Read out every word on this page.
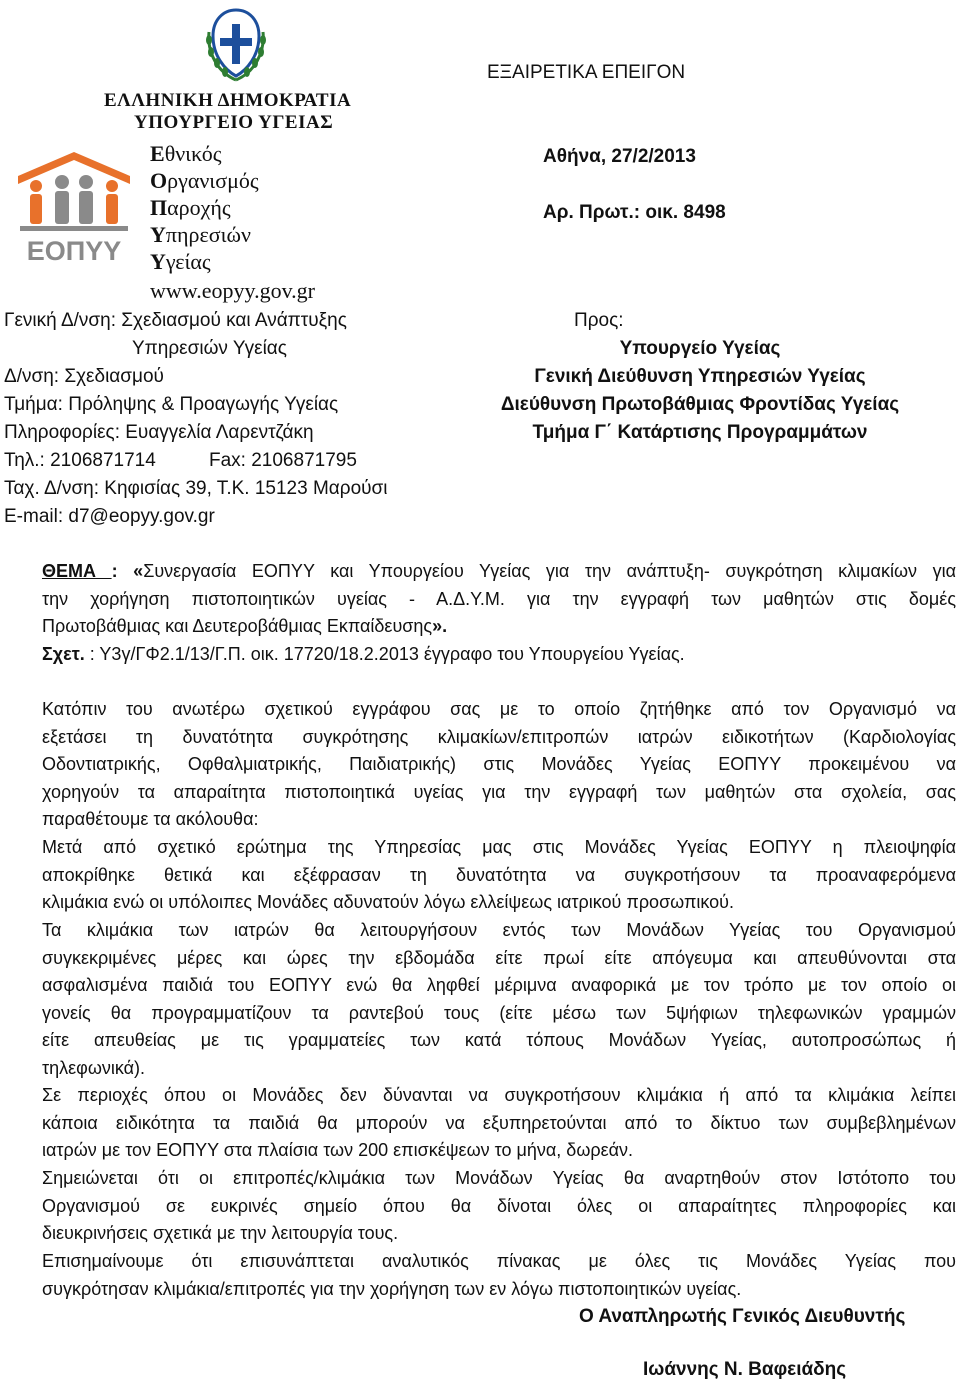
ΕΛΛΗΝΙΚΗ ΔΗΜΟΚΡΑΤΙΑ
ΥΠΟΥΡΓΕΙΟ ΥΓΕΙΑΣ
ΕΟΠΥΥ
Εθνικός
Οργανισμός
Παροχής
Υπηρεσιών
Υγείας
www.eopyy.gov.gr
Γενική Δ/νση: Σχεδιασμού και Ανάπτυξης
Υπηρεσιών Υγείας
Δ/νση: Σχεδιασμού
Τμήμα: Πρόληψης & Προαγωγής Υγείας
Πληροφορίες: Ευαγγελία Λαρεντζάκη
Τηλ.: 2106871714	Fax: 2106871795
Ταχ. Δ/νση: Κηφισίας 39, Τ.Κ. 15123 Μαρούσι
E-mail: d7@eopyy.gov.gr
ΕΞΑΙΡΕΤΙΚΑ ΕΠΕΙΓΟΝ
Αθήνα, 27/2/2013
Αρ. Πρωτ.: οικ. 8498
Προς:
Υπουργείο Υγείας
Γενική Διεύθυνση Υπηρεσιών Υγείας
Διεύθυνση Πρωτοβάθμιας Φροντίδας Υγείας
Τμήμα Γ΄ Κατάρτισης Προγραμμάτων
ΘΕΜΑ : «Συνεργασία ΕΟΠΥΥ και Υπουργείου Υγείας για την ανάπτυξη- συγκρότηση κλιμακίων για
την χορήγηση πιστοποιητικών υγείας - Α.Δ.Υ.Μ. για την εγγραφή των μαθητών στις δομές
Πρωτοβάθμιας και Δευτεροβάθμιας Εκπαίδευσης».
Σχετ. : Υ3γ/ΓΦ2.1/13/Γ.Π. οικ. 17720/18.2.2013 έγγραφο του Υπουργείου Υγείας.
Κατόπιν του ανωτέρω σχετικού εγγράφου σας με το οποίο ζητήθηκε από τον Οργανισμό να
εξετάσει τη δυνατότητα συγκρότησης κλιμακίων/επιτροπών ιατρών ειδικοτήτων (Καρδιολογίας
Οδοντιατρικής, Οφθαλμιατρικής, Παιδιατρικής) στις Μονάδες Υγείας ΕΟΠΥΥ προκειμένου να
χορηγούν τα απαραίτητα πιστοποιητικά υγείας για την εγγραφή των μαθητών στα σχολεία, σας
παραθέτουμε τα ακόλουθα:
Μετά από σχετικό ερώτημα της Υπηρεσίας μας στις Μονάδες Υγείας ΕΟΠΥΥ η πλειοψηφία
αποκρίθηκε θετικά και εξέφρασαν τη δυνατότητα να συγκροτήσουν τα προαναφερόμενα
κλιμάκια ενώ οι υπόλοιπες Μονάδες αδυνατούν λόγω ελλείψεως ιατρικού προσωπικού.
Τα κλιμάκια των ιατρών θα λειτουργήσουν εντός των Μονάδων Υγείας του Οργανισμού
συγκεκριμένες μέρες και ώρες την εβδομάδα είτε πρωί είτε απόγευμα και απευθύνονται στα
ασφαλισμένα παιδιά του ΕΟΠΥΥ ενώ θα ληφθεί μέριμνα αναφορικά με τον τρόπο με τον οποίο οι
γονείς θα προγραμματίζουν τα ραντεβού τους (είτε μέσω των 5ψήφιων τηλεφωνικών γραμμών
είτε απευθείας με τις γραμματείες των κατά τόπους Μονάδων Υγείας, αυτοπροσώπως ή
τηλεφωνικά).
Σε περιοχές όπου οι Μονάδες δεν δύνανται να συγκροτήσουν κλιμάκια ή από τα κλιμάκια λείπει
κάποια ειδικότητα τα παιδιά θα μπορούν να εξυπηρετούνται από το δίκτυο των συμβεβλημένων
ιατρών με τον ΕΟΠΥΥ στα πλαίσια των 200 επισκέψεων το μήνα, δωρεάν.
Σημειώνεται ότι οι επιτροπές/κλιμάκια των Μονάδων Υγείας θα αναρτηθούν στον Ιστότοπο του
Οργανισμού σε ευκρινές σημείο όπου θα δίνοται όλες οι απαραίτητες πληροφορίες και
διευκρινήσεις σχετικά με την λειτουργία τους.
Επισημαίνουμε ότι επισυνάπτεται αναλυτικός πίνακας με όλες τις Μονάδες Υγείας που
συγκρότησαν κλιμάκια/επιτροπές για την χορήγηση των εν λόγω πιστοποιητικών υγείας.
Ο Αναπληρωτής Γενικός Διευθυντής
Ιωάννης Ν. Βαφειάδης
